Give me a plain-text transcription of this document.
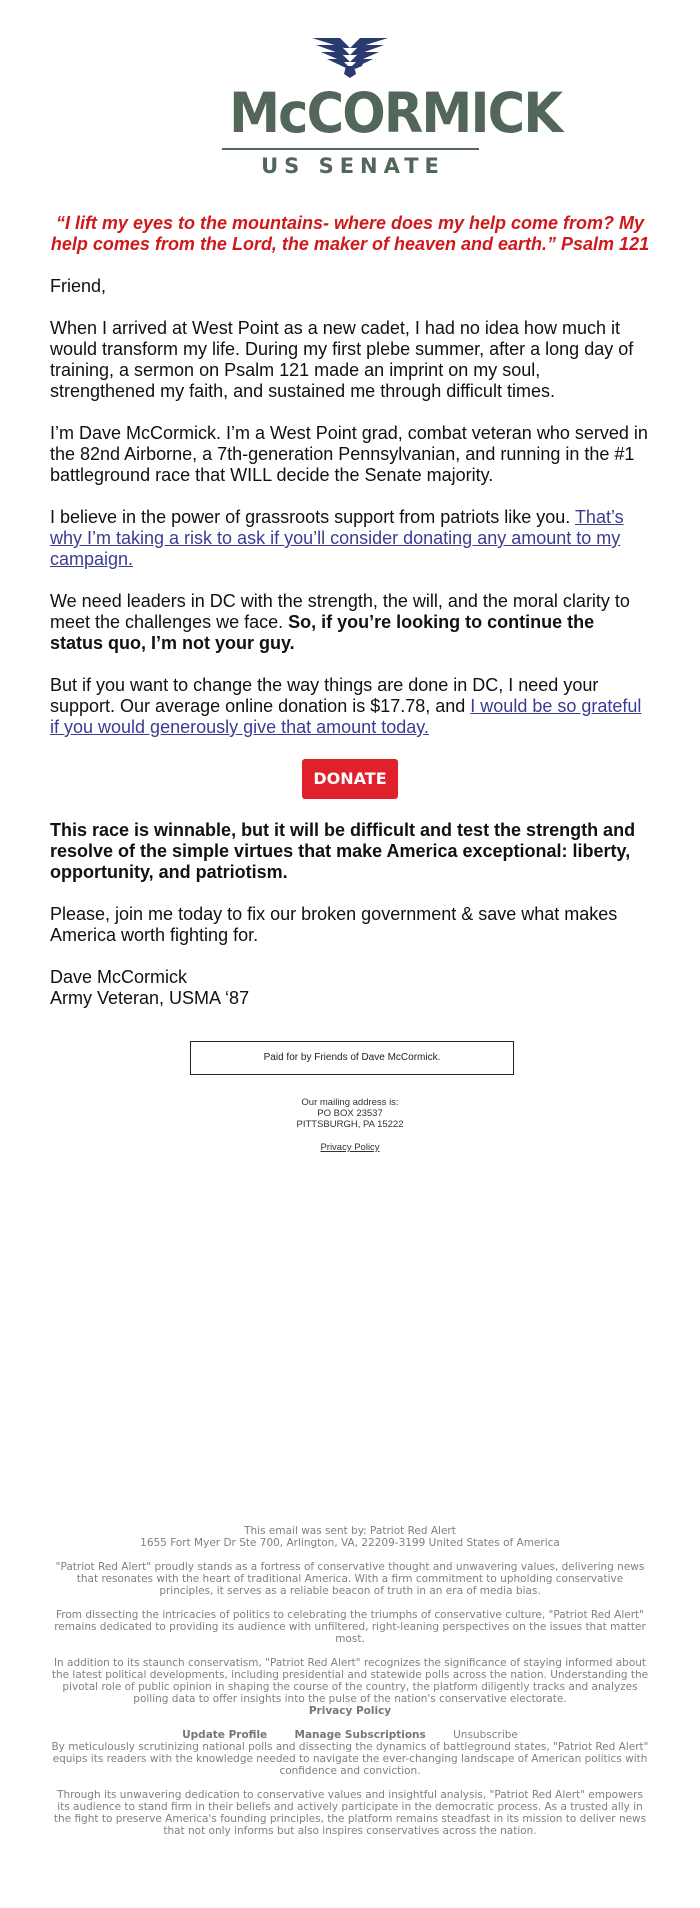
McCORMICK
US SENATE

“I lift my eyes to the mountains- where does my help come from? My help comes from the Lord, the maker of heaven and earth.” Psalm 121

Friend,

When I arrived at West Point as a new cadet, I had no idea how much it would transform my life. During my first plebe summer, after a long day of training, a sermon on Psalm 121 made an imprint on my soul, strengthened my faith, and sustained me through difficult times.

I’m Dave McCormick. I’m a West Point grad, combat veteran who served in the 82nd Airborne, a 7th-generation Pennsylvanian, and running in the #1 battleground race that WILL decide the Senate majority.

I believe in the power of grassroots support from patriots like you. That’s why I’m taking a risk to ask if you’ll consider donating any amount to my campaign.

We need leaders in DC with the strength, the will, and the moral clarity to meet the challenges we face. So, if you’re looking to continue the status quo, I’m not your guy.

But if you want to change the way things are done in DC, I need your support. Our average online donation is $17.78, and I would be so grateful if you would generously give that amount today.

DONATE

This race is winnable, but it will be difficult and test the strength and resolve of the simple virtues that make America exceptional: liberty, opportunity, and patriotism.

Please, join me today to fix our broken government & save what makes America worth fighting for.

Dave McCormick
Army Veteran, USMA ‘87

Paid for by Friends of Dave McCormick.
Our mailing address is:
PO BOX 23537
PITTSBURGH, PA 15222
Privacy Policy
This email was sent by: Patriot Red Alert
1655 Fort Myer Dr Ste 700, Arlington, VA, 22209-3199 United States of America

"Patriot Red Alert" proudly stands as a fortress of conservative thought and unwavering values, delivering news that resonates with the heart of traditional America. With a firm commitment to upholding conservative principles, it serves as a reliable beacon of truth in an era of media bias.

From dissecting the intricacies of politics to celebrating the triumphs of conservative culture, "Patriot Red Alert" remains dedicated to providing its audience with unfiltered, right-leaning perspectives on the issues that matter most.

In addition to its staunch conservatism, "Patriot Red Alert" recognizes the significance of staying informed about the latest political developments, including presidential and statewide polls across the nation. Understanding the pivotal role of public opinion in shaping the course of the country, the platform diligently tracks and analyzes polling data to offer insights into the pulse of the nation's conservative electorate.

Privacy Policy

Update Profile	Manage Subscriptions	Unsubscribe

By meticulously scrutinizing national polls and dissecting the dynamics of battleground states, "Patriot Red Alert" equips its readers with the knowledge needed to navigate the ever-changing landscape of American politics with confidence and conviction.

Through its unwavering dedication to conservative values and insightful analysis, "Patriot Red Alert" empowers its audience to stand firm in their beliefs and actively participate in the democratic process. As a trusted ally in the fight to preserve America's founding principles, the platform remains steadfast in its mission to deliver news that not only informs but also inspires conservatives across the nation.
